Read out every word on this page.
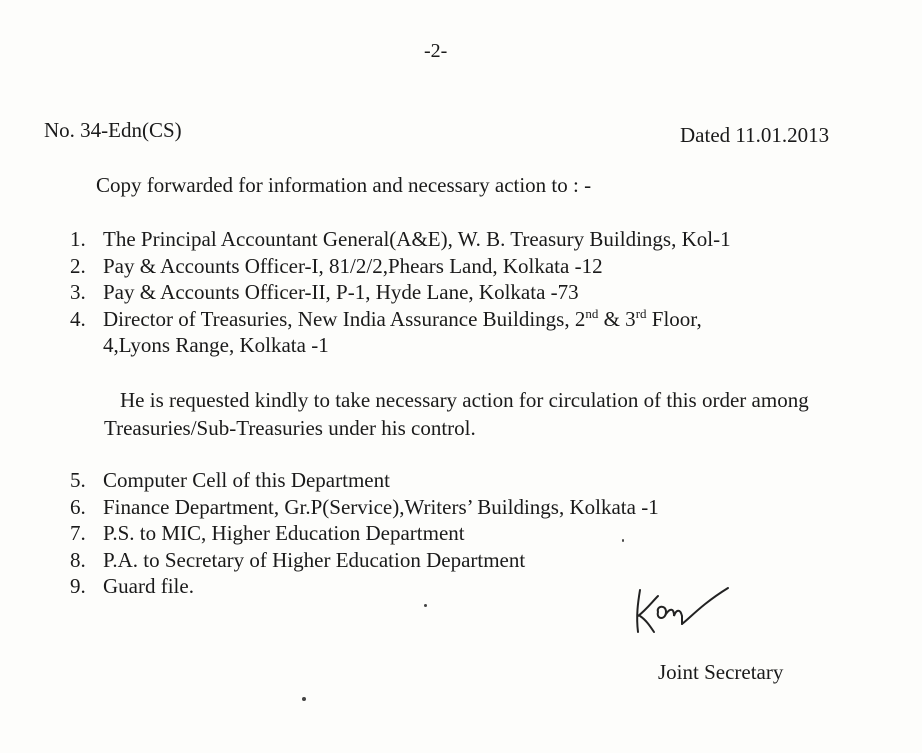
-2-
No. 34-Edn(CS)	Dated 11.01.2013
Copy forwarded for information and necessary action to : -
1. The Principal Accountant General(A&E), W. B. Treasury Buildings, Kol-1
2. Pay & Accounts Officer-I, 81/2/2,Phears Land, Kolkata -12
3. Pay & Accounts Officer-II, P-1, Hyde Lane, Kolkata -73
4. Director of Treasuries, New India Assurance Buildings, 2nd & 3rd Floor,
4,Lyons Range, Kolkata -1
He is requested kindly to take necessary action for circulation of this order among Treasuries/Sub-Treasuries under his control.
5. Computer Cell of this Department
6. Finance Department, Gr.P(Service),Writers’ Buildings, Kolkata -1
7. P.S. to MIC, Higher Education Department
8. P.A. to Secretary of Higher Education Department
9. Guard file.
Joint Secretary
